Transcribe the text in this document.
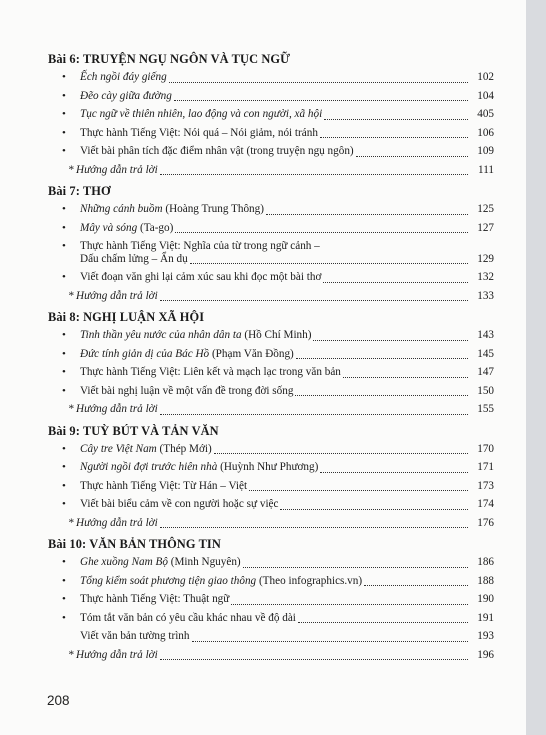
Bài 6: TRUYỆN NGỤ NGÔN VÀ TỤC NGỮ
• Ếch ngồi đáy giếng	102
• Đẽo cày giữa đường	104
• Tục ngữ về thiên nhiên, lao động và con người, xã hội	405
• Thực hành Tiếng Việt: Nói quá – Nói giảm, nói tránh	106
• Viết bài phân tích đặc điểm nhân vật (trong truyện ngụ ngôn)	109
* Hướng dẫn trả lời	111
Bài 7: THƠ
• Những cánh buồm (Hoàng Trung Thông)	125
• Mây và sóng (Ta-go)	127
• Thực hành Tiếng Việt: Nghĩa của từ trong ngữ cảnh –
Dấu chấm lửng – Ẩn dụ	129
• Viết đoạn văn ghi lại cảm xúc sau khi đọc một bài thơ	132
* Hướng dẫn trả lời	133
Bài 8: NGHỊ LUẬN XÃ HỘI
• Tinh thần yêu nước của nhân dân ta (Hồ Chí Minh)	143
• Đức tính giản dị của Bác Hồ (Phạm Văn Đồng)	145
• Thực hành Tiếng Việt: Liên kết và mạch lạc trong văn bản	147
• Viết bài nghị luận về một vấn đề trong đời sống	150
* Hướng dẫn trả lời	155
Bài 9: TUỲ BÚT VÀ TẢN VĂN
• Cây tre Việt Nam (Thép Mới)	170
• Người ngồi đợi trước hiên nhà (Huỳnh Như Phương)	171
• Thực hành Tiếng Việt: Từ Hán – Việt	173
• Viết bài biểu cảm về con người hoặc sự việc	174
* Hướng dẫn trả lời	176
Bài 10: VĂN BẢN THÔNG TIN
• Ghe xuồng Nam Bộ (Minh Nguyên)	186
• Tổng kiểm soát phương tiện giao thông (Theo infographics.vn)	188
• Thực hành Tiếng Việt: Thuật ngữ	190
• Tóm tắt văn bản có yêu cầu khác nhau về độ dài	191
Viết văn bản tường trình	193
* Hướng dẫn trả lời	196
208
